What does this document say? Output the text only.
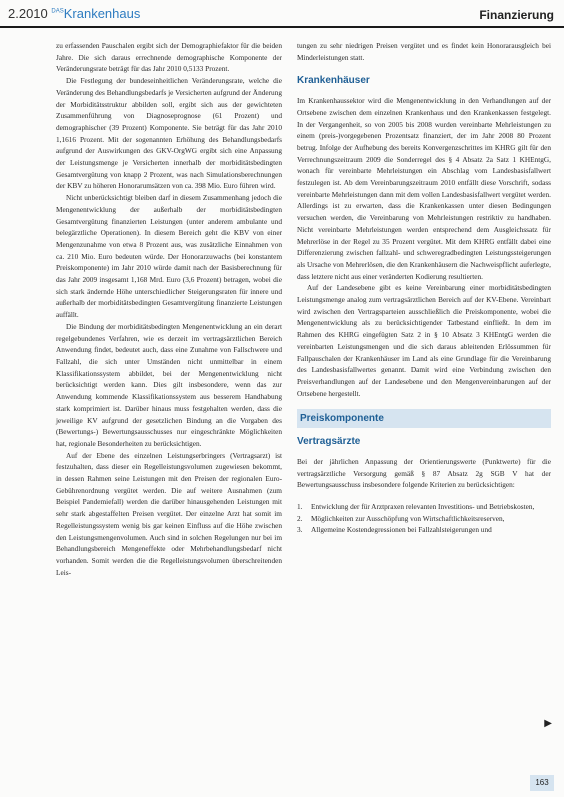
2.2010 $^{DAS}$Krankenhaus	Finanzierung

zu erfassenden Pauschalen ergibt sich der Demographiefaktor für die beiden Jahre. Die sich daraus errechnende demographische Komponente der Veränderungsrate beträgt für das Jahr 2010 0,5133 Prozent.

Die Festlegung der bundeseinheitlichen Veränderungsrate, welche die Veränderung des Behandlungsbedarfs je Versicherten aufgrund der Änderung der Morbiditätsstruktur abbilden soll, ergibt sich aus der gewichteten Zusammenführung von Diagnoseprognose (61 Prozent) und demographischer (39 Prozent) Komponente. Sie beträgt für das Jahr 2010 1,1616 Prozent. Mit der sogenannten Erhöhung des Behandlungsbedarfs aufgrund der Auswirkungen des GKV-OrgWG ergibt sich eine Anpassung der Leistungsmenge je Versicherten innerhalb der morbiditätsbedingten Gesamtvergütung von knapp 2 Prozent, was nach Simulationsberechnungen der KBV zu höheren Honorarumsätzen von ca. 398 Mio. Euro führen wird.

Nicht unberücksichtigt bleiben darf in diesem Zusammenhang jedoch die Mengenentwicklung der außerhalb der morbiditätsbedingten Gesamtvergütung finanzierten Leistungen (unter anderem ambulante und belegärztliche Operationen). In diesem Bereich geht die KBV von einer Mengenzunahme von etwa 8 Prozent aus, was zusätzliche Einnahmen von ca. 210 Mio. Euro bedeuten würde. Der Honorarzuwachs (bei konstantem Preiskomponente) im Jahr 2010 würde damit nach der Basisberechnung für das Jahr 2009 insgesamt 1,168 Mrd. Euro (3,6 Prozent) betragen, wobei die sich stark ändernde Höhe unterschiedlicher Steigerungsraten für innere und außerhalb der morbiditätsbedingten Gesamtvergütung finanzierte Leistungen auffällt.

Die Bindung der morbiditätsbedingten Mengenentwicklung an ein derart regelgebundenes Verfahren, wie es derzeit im vertragsärztlichen Bereich Anwendung findet, bedeutet auch, dass eine Zunahme von Fallschwere und Fallzahl, die sich unter Umständen nicht unmittelbar in einem Klassifikationssystem abbildet, bei der Mengenentwicklung nicht berücksichtigt werden kann. Dies gilt insbesondere, wenn das zur Anwendung kommende Klassifikationssystem aus besserem Handhabung stark komprimiert ist. Darüber hinaus muss festgehalten werden, dass die jeweilige KV aufgrund der gesetzlichen Bindung an die Vorgaben des (Bewertungs-) Bewertungsausschusses nur eingeschränkte Möglichkeiten hat, regionale Besonderheiten zu berücksichtigen.

Auf der Ebene des einzelnen Leistungserbringers (Vertragsarzt) ist festzuhalten, dass dieser ein Regelleistungsvolumen zugewiesen bekommt, in dessen Rahmen seine Leistungen mit den Preisen der regionalen Euro-Gebührenordnung vergütet werden. Die auf weitere Ausnahmen (zum Beispiel Pandemiefall) werden die darüber hinausgehenden Leistungen mit sehr stark abgestaffelten Preisen vergütet. Der einzelne Arzt hat somit im Regelleistungssystem wenig bis gar keinen Einfluss auf die Höhe zwischen den Leistungsmengenvolumen. Auch sind in solchen Regelungen nur bei im Behandlungsbereich Mengeneffekte oder Mehrbehandlungsbedarf nicht vorhanden. Somit werden die die Regelleistungsvolumen überschreitenden Leis-

tungen zu sehr niedrigen Preisen vergütet und es findet kein Honorarausgleich bei Minderleistungen statt.

Krankenhäuser

Im Krankenhaussektor wird die Mengenentwicklung in den Verhandlungen auf der Ortsebene zwischen dem einzelnen Krankenhaus und den Krankenkassen festgelegt. In der Vergangenheit, so von 2005 bis 2008 wurden vereinbarte Mehrleistungen zu einem (preis-)vorgegebenen Prozentsatz finanziert, der im Jahr 2008 80 Prozent betrug. Infolge der Aufhebung des bereits Konvergenzschrittes im KHRG gilt für den Verrechnungszeitraum 2009 die Sonderregel des § 4 Absatz 2a Satz 1 KHEntgG, wonach für vereinbarte Mehrleistungen ein Abschlag vom Landesbasisfallwert festzulegen ist. Ab dem Vereinbarungszeitraum 2010 entfällt diese Vorschrift, sodass vereinbarte Mehrleistungen dann mit dem vollen Landesbasisfallwert vergütet werden. Allerdings ist zu erwarten, dass die Krankenkassen unter diesen Bedingungen versuchen werden, die Vereinbarung von Mehrleistungen restriktiv zu handhaben. Nicht vereinbarte Mehrleistungen werden entsprechend dem Ausgleichssatz für Mehrerlöse in der Regel zu 35 Prozent vergütet. Mit dem KHRG entfällt dabei eine Differenzierung zwischen fallzahl- und schweregradbedingten Leistungssteigerungen als Ursache von Mehrerlösen, die den Krankenhäusern die Nachweispflicht auferlegte, dass letztere nicht aus einer veränderten Kodierung resultierten.

Auf der Landesebene gibt es keine Vereinbarung einer morbiditätsbedingten Leistungsmenge analog zum vertragsärztlichen Bereich auf der KV-Ebene. Vereinbart wird zwischen den Vertragsparteien ausschließlich die Preiskomponente, wobei die Mengenentwicklung als zu berücksichtigender Tatbestand einfließt. In dem im Rahmen des KHRG eingefügten Satz 2 in § 10 Absatz 3 KHEntgG werden die vereinbarten Leistungsmengen und die sich daraus ableitenden Erlössummen für Fallpauschalen der Krankenhäuser im Land als eine Grundlage für die Vereinbarung des Landesbasisfallwertes genannt. Damit wird eine Verbindung zwischen den Preisverhandlungen auf der Landesebene und den Mengenvereinbarungen auf der Ortsebene hergestellt.

Preiskomponente
Vertragsärzte

Bei der jährlichen Anpassung der Orientierungswerte (Punktwerte) für die vertragsärztliche Versorgung gemäß § 87 Absatz 2g SGB V hat der Bewertungsausschuss insbesondere folgende Kriterien zu berücksichtigen:

1. Entwicklung der für Arztpraxen relevanten Investitions- und Betriebskosten,
2. Möglichkeiten zur Ausschöpfung von Wirtschaftlichkeitsreserven,
3. Allgemeine Kostendegressionen bei Fallzahlsteigerungen und
▶
163
